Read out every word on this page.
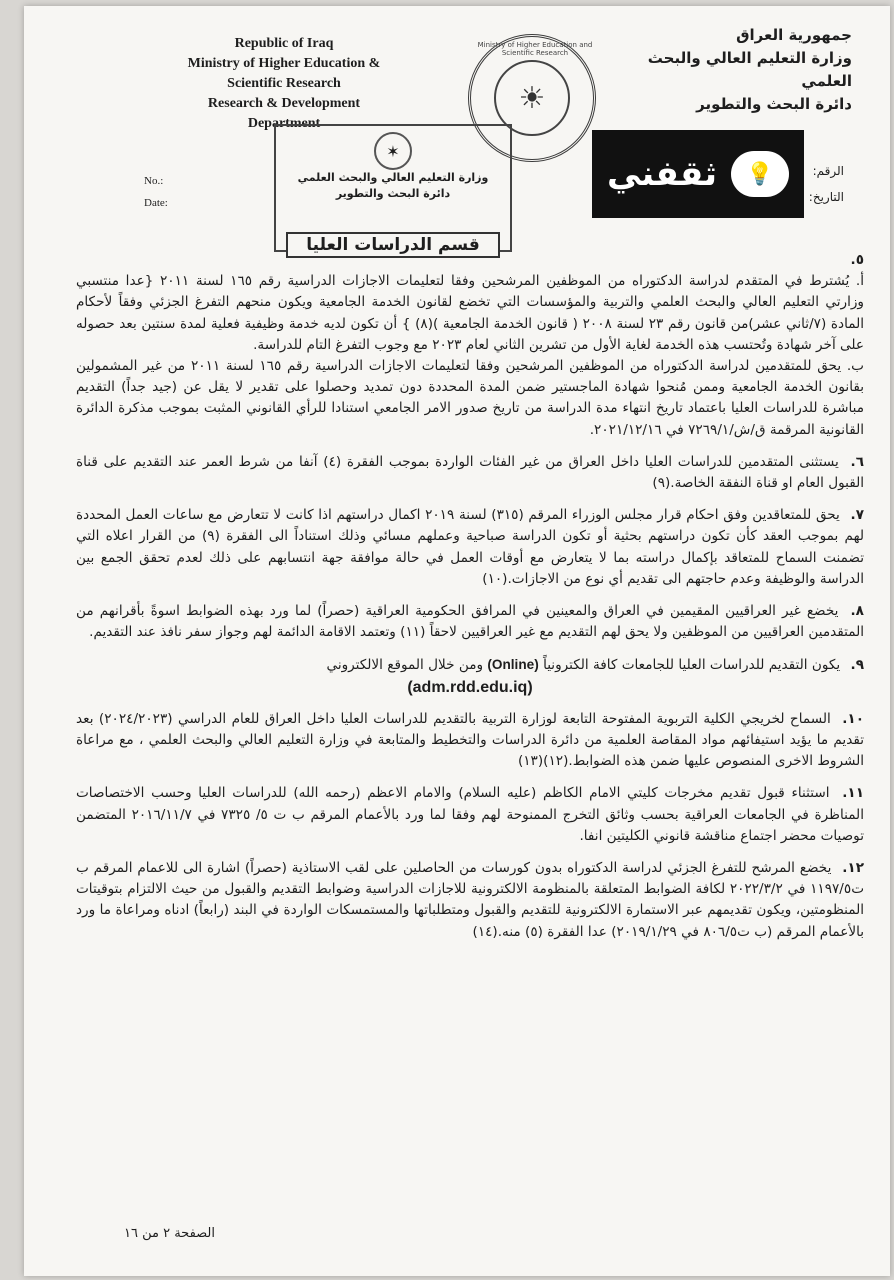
Republic of Iraq
Ministry of Higher Education &
Scientific Research
Research & Development
Department
Ministry of Higher Education and Scientific Research
☀
جمهورية العراق
وزارة التعليم العالي والبحث العلمي
دائرة البحث والتطوير
No.:
Date:
الرقم:
التاريخ:
✶
وزارة التعليم العالي والبحث العلمي
دائرة البحث والتطوير
قسم الدراسات العليا
💡
ثقفني
٥.
أ. يُشترط في المتقدم لدراسة الدكتوراه من الموظفين المرشحين وفقا لتعليمات الاجازات الدراسية رقم ١٦٥ لسنة ٢٠١١ {عدا منتسبي وزارتي التعليم العالي والبحث العلمي والتربية والمؤسسات التي تخضع لقانون الخدمة الجامعية ويكون منحهم التفرغ الجزئي وفقاً لأحكام المادة (٧/ثاني عشر)من قانون رقم ٢٣ لسنة ٢٠٠٨ ( قانون الخدمة الجامعية )(٨) } أن تكون لديه خدمة وظيفية فعلية لمدة سنتين بعد حصوله على آخر شهادة وتُحتسب هذه الخدمة لغاية الأول من تشرين الثاني لعام ٢٠٢٣ مع وجوب التفرغ التام للدراسة.
ب. يحق للمتقدمين لدراسة الدكتوراه من الموظفين المرشحين وفقا لتعليمات الاجازات الدراسية رقم ١٦٥ لسنة ٢٠١١ من غير المشمولين بقانون الخدمة الجامعية وممن مُنحوا شهادة الماجستير ضمن المدة المحددة دون تمديد وحصلوا على تقدير لا يقل عن (جيد جداً) التقديم مباشرة للدراسات العليا باعتماد تاريخ انتهاء مدة الدراسة من تاريخ صدور الامر الجامعي استنادا للرأي القانوني المثبت بموجب مذكرة الدائرة القانونية المرقمة ق/ش/٧٢٦٩/١ في ٢٠٢١/١٢/١٦.
٦. يستثنى المتقدمين للدراسات العليا داخل العراق من غير الفئات الواردة بموجب الفقرة (٤) آنفا من شرط العمر عند التقديم على قناة القبول العام او قناة النفقة الخاصة.(٩)
٧. يحق للمتعاقدين وفق احكام قرار مجلس الوزراء المرقم (٣١٥) لسنة ٢٠١٩ اكمال دراستهم اذا كانت لا تتعارض مع ساعات العمل المحددة لهم بموجب العقد كأن تكون دراستهم بحثية أو تكون الدراسة صباحية وعملهم مسائي وذلك استناداً الى الفقرة (٩) من القرار اعلاه التي تضمنت السماح للمتعاقد بإكمال دراسته بما لا يتعارض مع أوقات العمل في حالة موافقة جهة انتسابهم على ذلك لعدم تحقق الجمع بين الدراسة والوظيفة وعدم حاجتهم الى تقديم أي نوع من الاجازات.(١٠)
٨. يخضع غير العراقيين المقيمين في العراق والمعينين في المرافق الحكومية العراقية (حصراً) لما ورد بهذه الضوابط اسوةً بأقرانهم من المتقدمين العراقيين من الموظفين ولا يحق لهم التقديم مع غير العراقيين لاحقاً (١١) وتعتمد الاقامة الدائمة لهم وجواز سفر نافذ عند التقديم.
٩. يكون التقديم للدراسات العليا للجامعات كافة الكترونياً (Online) ومن خلال الموقع الالكتروني
(adm.rdd.edu.iq)
١٠. السماح لخريجي الكلية التربوية المفتوحة التابعة لوزارة التربية بالتقديم للدراسات العليا داخل العراق للعام الدراسي (٢٠٢٤/٢٠٢٣) بعد تقديم ما يؤيد استيفائهم مواد المقاصة العلمية من دائرة الدراسات والتخطيط والمتابعة في وزارة التعليم العالي والبحث العلمي ، مع مراعاة الشروط الاخرى المنصوص عليها ضمن هذه الضوابط.(١٢)(١٣)
١١. استثناء قبول تقديم مخرجات كليتي الامام الكاظم (عليه السلام) والامام الاعظم (رحمه الله) للدراسات العليا وحسب الاختصاصات المناظرة في الجامعات العراقية بحسب وثائق التخرج الممنوحة لهم وفقا لما ورد بالأعمام المرقم ب ت ٥/ ٧٣٢٥ في ٢٠١٦/١١/٧ المتضمن توصيات محضر اجتماع مناقشة قانوني الكليتين انفا.
١٢. يخضع المرشح للتفرغ الجزئي لدراسة الدكتوراه بدون كورسات من الحاصلين على لقب الاستاذية (حصراً) اشارة الى للاعمام المرقم ب ت١١٩٧/٥ في ٢٠٢٢/٣/٢ لكافة الضوابط المتعلقة بالمنظومة الالكترونية للاجازات الدراسية وضوابط التقديم والقبول من حيث الالتزام بتوقيتات المنظومتين، ويكون تقديمهم عبر الاستمارة الالكترونية للتقديم والقبول ومتطلباتها والمستمسكات الواردة في البند (رابعاً) ادناه ومراعاة ما ورد بالأعمام المرقم (ب ت٨٠٦/٥ في ٢٠١٩/١/٢٩) عدا الفقرة (٥) منه.(١٤)
الصفحة ٢ من ١٦
